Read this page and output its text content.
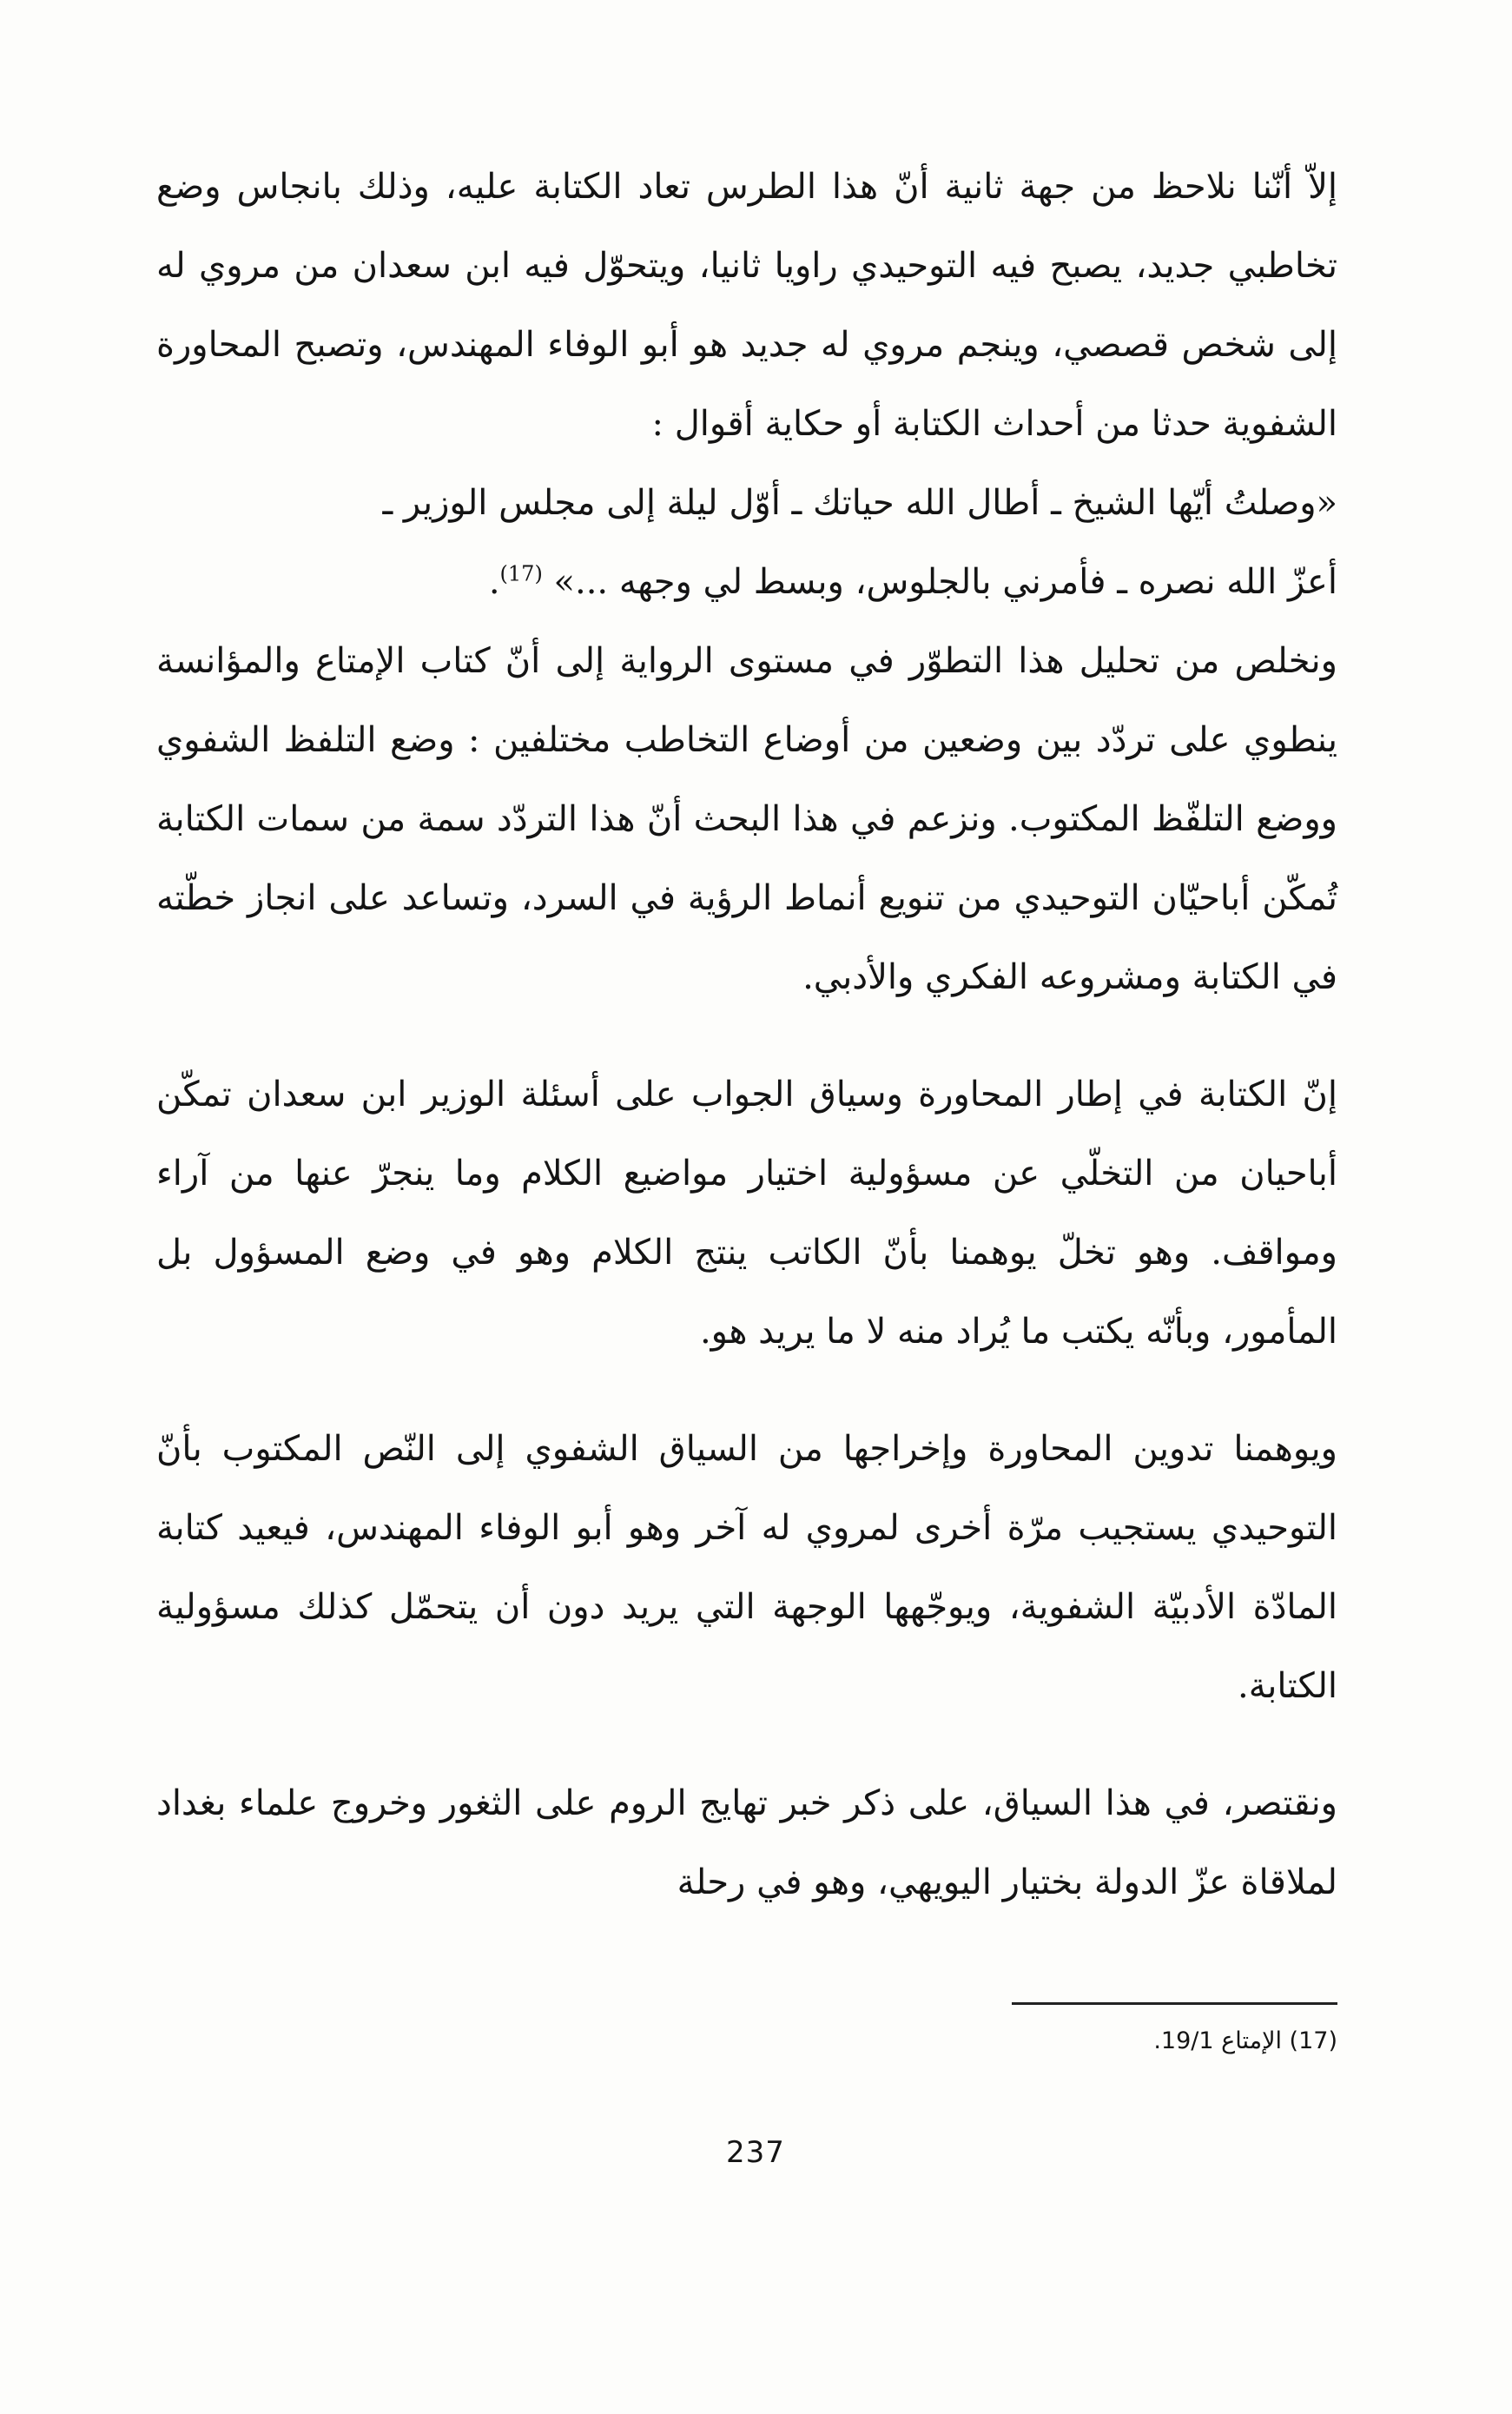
إلاّ أنّنا نلاحظ من جهة ثانية أنّ هذا الطرس تعاد الكتابة عليه، وذلك بانجاس وضع تخاطبي جديد، يصبح فيه التوحيدي راويا ثانيا، ويتحوّل فيه ابن سعدان من مروي له إلى شخص قصصي، وينجم مروي له جديد هو أبو الوفاء المهندس، وتصبح المحاورة الشفوية حدثا من أحداث الكتابة أو حكاية أقوال :

«وصلتُ أيّها الشيخ ـ أطال الله حياتك ـ أوّل ليلة إلى مجلس الوزير ـ
أعزّ الله نصره ـ فأمرني بالجلوس، وبسط لي وجهه ...» $^{(17)}$.

ونخلص من تحليل هذا التطوّر في مستوى الرواية إلى أنّ كتاب الإمتاع والمؤانسة ينطوي على تردّد بين وضعين من أوضاع التخاطب مختلفين : وضع التلفظ الشفوي ووضع التلفّظ المكتوب. ونزعم في هذا البحث أنّ هذا التردّد سمة من سمات الكتابة تُمكّن أباحيّان التوحيدي من تنويع أنماط الرؤية في السرد، وتساعد على انجاز خطّته في الكتابة ومشروعه الفكري والأدبي.

إنّ الكتابة في إطار المحاورة وسياق الجواب على أسئلة الوزير ابن سعدان تمكّن أباحيان من التخلّي عن مسؤولية اختيار مواضيع الكلام وما ينجرّ عنها من آراء ومواقف. وهو تخلّ يوهمنا بأنّ الكاتب ينتج الكلام وهو في وضع المسؤول بل المأمور، وبأنّه يكتب ما يُراد منه لا ما يريد هو.

ويوهمنا تدوين المحاورة وإخراجها من السياق الشفوي إلى النّص المكتوب بأنّ التوحيدي يستجيب مرّة أخرى لمروي له آخر وهو أبو الوفاء المهندس، فيعيد كتابة المادّة الأدبيّة الشفوية، ويوجّهها الوجهة التي يريد دون أن يتحمّل كذلك مسؤولية الكتابة.

ونقتصر، في هذا السياق، على ذكر خبر تهايج الروم على الثغور وخروج علماء بغداد لملاقاة عزّ الدولة بختيار اليويهي، وهو في رحلة

(17) الإمتاع 19/1.
237
